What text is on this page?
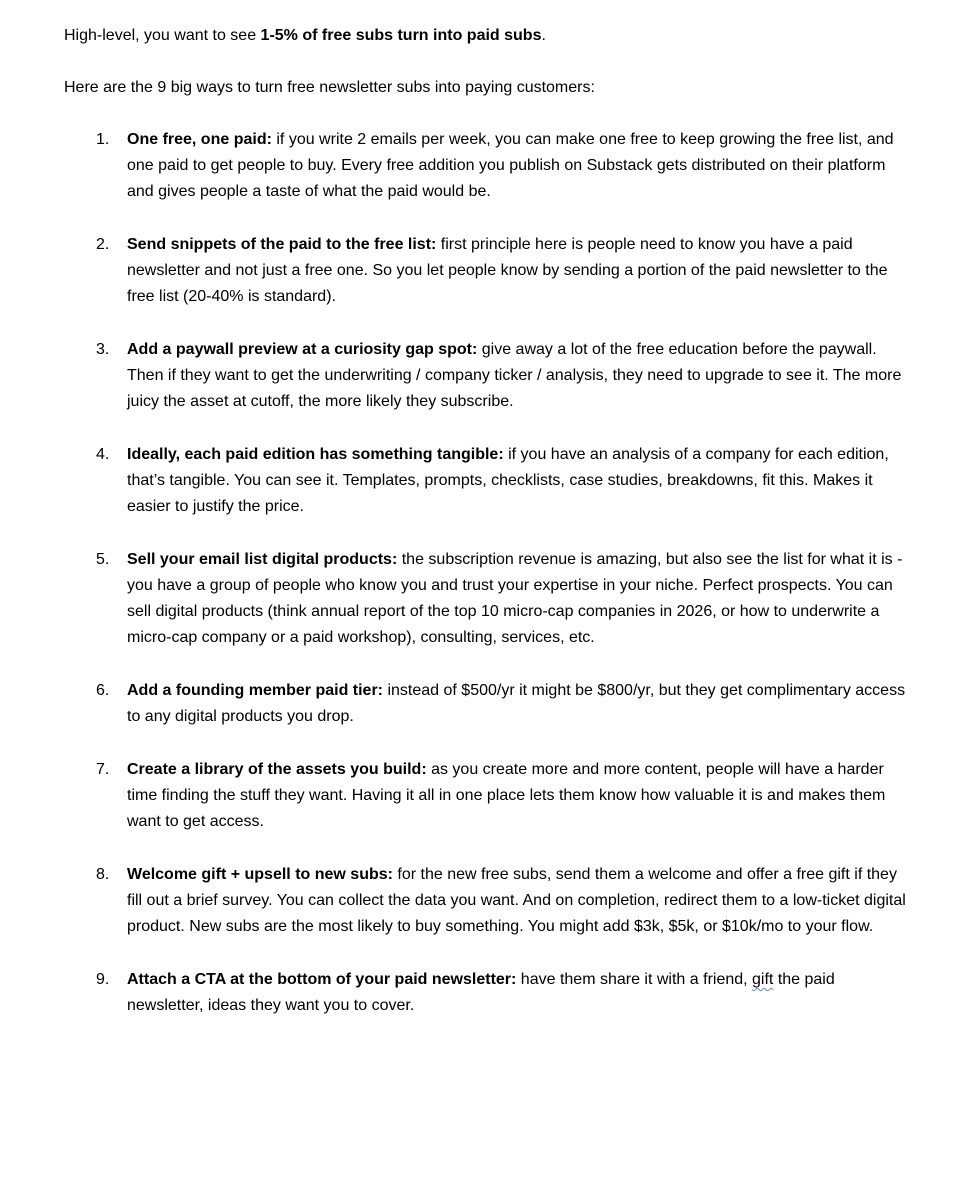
High-level, you want to see 1-5% of free subs turn into paid subs.

Here are the 9 big ways to turn free newsletter subs into paying customers:

1.	One free, one paid: if you write 2 emails per week, you can make one free to keep growing the free list, and one paid to get people to buy. Every free addition you publish on Substack gets distributed on their platform and gives people a taste of what the paid would be.
2.	Send snippets of the paid to the free list: first principle here is people need to know you have a paid newsletter and not just a free one. So you let people know by sending a portion of the paid newsletter to the free list (20-40% is standard).
3.	Add a paywall preview at a curiosity gap spot: give away a lot of the free education before the paywall. Then if they want to get the underwriting / company ticker / analysis, they need to upgrade to see it. The more juicy the asset at cutoff, the more likely they subscribe.
4.	Ideally, each paid edition has something tangible: if you have an analysis of a company for each edition, that’s tangible. You can see it. Templates, prompts, checklists, case studies, breakdowns, fit this. Makes it easier to justify the price.
5.	Sell your email list digital products: the subscription revenue is amazing, but also see the list for what it is - you have a group of people who know you and trust your expertise in your niche. Perfect prospects. You can sell digital products (think annual report of the top 10 micro-cap companies in 2026, or how to underwrite a micro-cap company or a paid workshop), consulting, services, etc.
6.	Add a founding member paid tier: instead of $500/yr it might be $800/yr, but they get complimentary access to any digital products you drop.
7.	Create a library of the assets you build: as you create more and more content, people will have a harder time finding the stuff they want. Having it all in one place lets them know how valuable it is and makes them want to get access.
8.	Welcome gift + upsell to new subs: for the new free subs, send them a welcome and offer a free gift if they fill out a brief survey. You can collect the data you want. And on completion, redirect them to a low-ticket digital product. New subs are the most likely to buy something. You might add $3k, $5k, or $10k/mo to your flow.
9.	Attach a CTA at the bottom of your paid newsletter: have them share it with a friend, gift the paid newsletter, ideas they want you to cover.
